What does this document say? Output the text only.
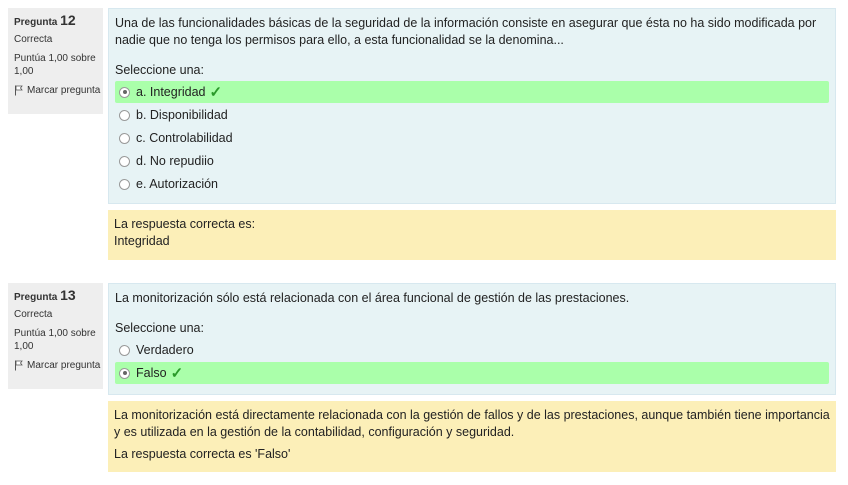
Pregunta 12
Correcta
Puntúa 1,00 sobre 1,00
Marcar pregunta

Una de las funcionalidades básicas de la seguridad de la información consiste en asegurar que ésta no ha sido modificada por nadie que no tenga los permisos para ello, a esta funcionalidad se la denomina...

Seleccione una:
a. Integridad ✓
b. Disponibilidad
c. Controlabilidad
d. No repudiio
e. Autorización

La respuesta correcta es:

Integridad

Pregunta 13
Correcta
Puntúa 1,00 sobre 1,00
Marcar pregunta

La monitorización sólo está relacionada con el área funcional de gestión de las prestaciones.

Seleccione una:
Verdadero
Falso ✓

La monitorización está directamente relacionada con la gestión de fallos y de las prestaciones, aunque también tiene importancia y es utilizada en la gestión de la contabilidad, configuración y seguridad.

La respuesta correcta es 'Falso'
